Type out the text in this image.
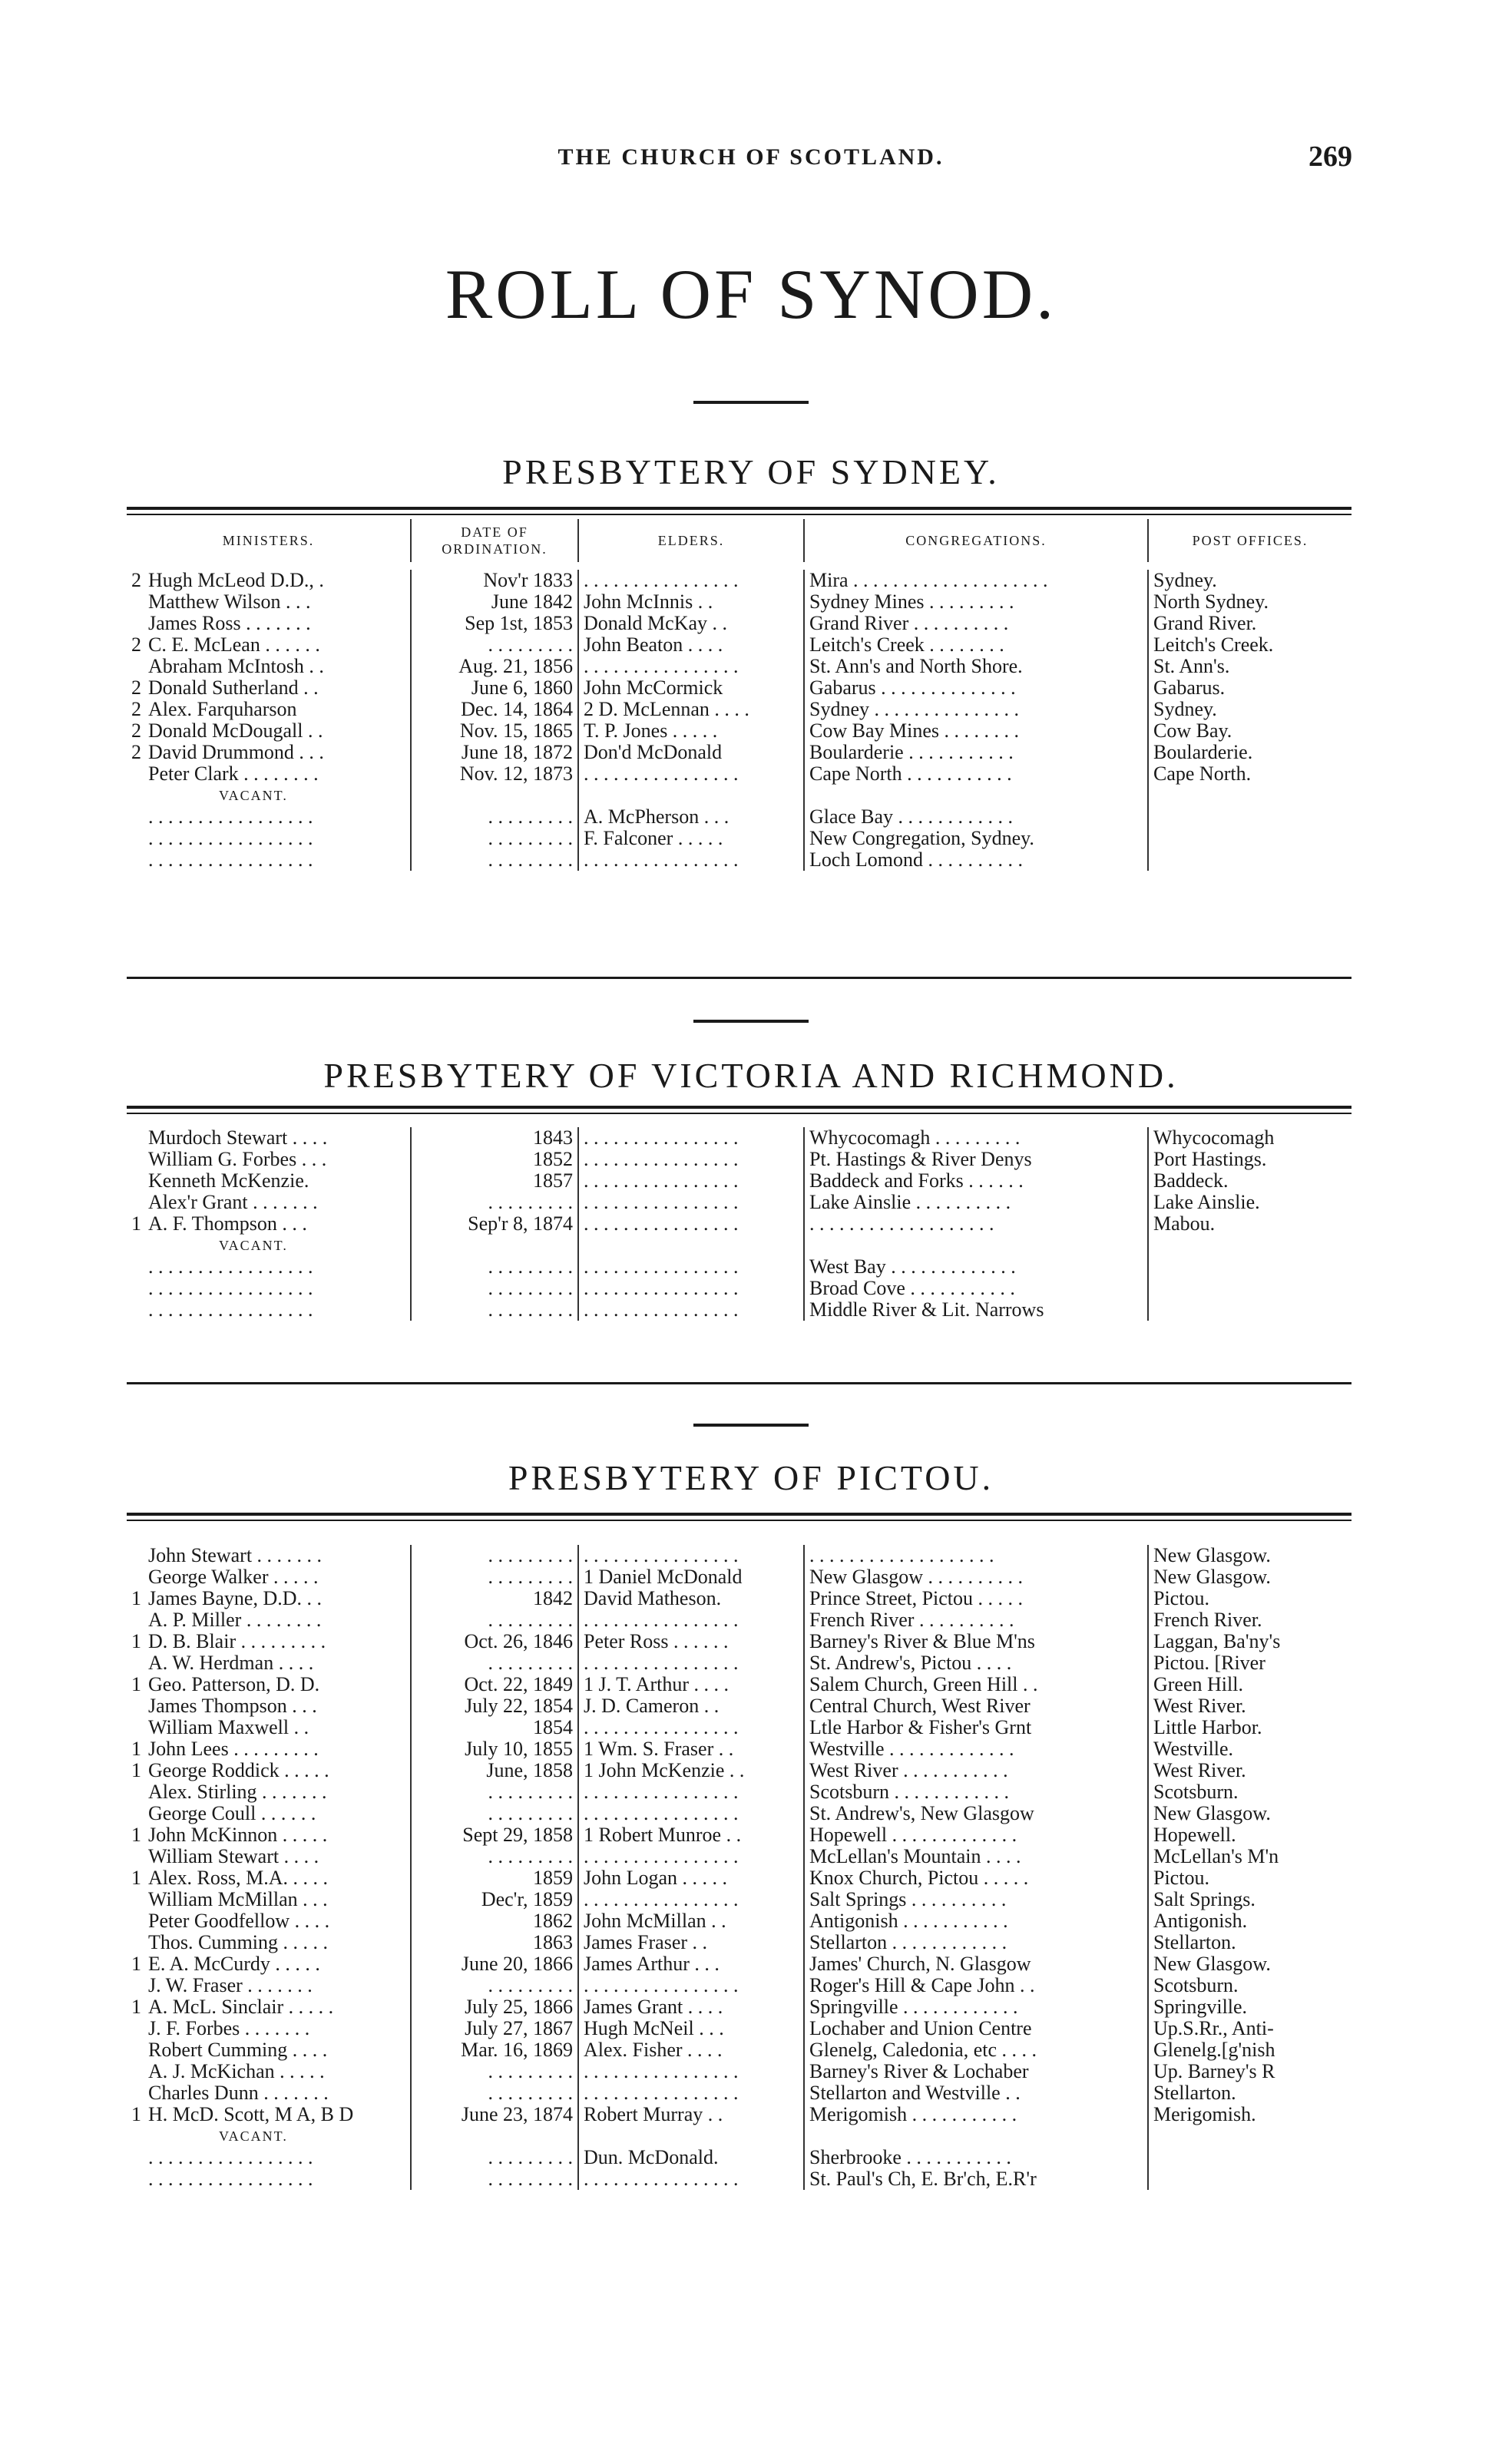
THE CHURCH OF SCOTLAND.	269
ROLL OF SYNOD.
PRESBYTERY OF SYDNEY.
MINISTERS.	DATE OF ORDINATION.	ELDERS.	CONGREGATIONS.	POST OFFICES.
2 Hugh McLeod D.D., .	Nov'r 1833	. . . . . . . . . . . . . . . .	Mira . . . . . . . . . . . . . . . . . . . .	Sydney.
Matthew Wilson . . .	June 1842	John McInnis . .	Sydney Mines . . . . . . . . .	North Sydney.
James Ross . . . . . . .	Sep 1st, 1853	Donald McKay . .	Grand River . . . . . . . . . .	Grand River.
2 C. E. McLean . . . . . .	. . . . . . . . .	John Beaton . . . .	Leitch's Creek . . . . . . . .	Leitch's Creek.
Abraham McIntosh . .	Aug. 21, 1856	. . . . . . . . . . . . . . . .	St. Ann's and North Shore.	St. Ann's.
2 Donald Sutherland . .	June 6, 1860	John McCormick	Gabarus . . . . . . . . . . . . . .	Gabarus.
2 Alex. Farquharson	Dec. 14, 1864	2 D. McLennan . . . .	Sydney . . . . . . . . . . . . . . .	Sydney.
2 Donald McDougall . .	Nov. 15, 1865	T. P. Jones . . . . .	Cow Bay Mines . . . . . . . .	Cow Bay.
2 David Drummond . . .	June 18, 1872	Don'd McDonald	Boularderie . . . . . . . . . . .	Boularderie.
Peter Clark . . . . . . . .	Nov. 12, 1873	. . . . . . . . . . . . . . . .	Cape North . . . . . . . . . . .	Cape North.
VACANT.				
. . . . . . . . . . . . . . . . .	. . . . . . . . .	A. McPherson . . .	Glace Bay . . . . . . . . . . . .	
. . . . . . . . . . . . . . . . .	. . . . . . . . .	F. Falconer . . . . .	New Congregation, Sydney.	
. . . . . . . . . . . . . . . . .	. . . . . . . . .	. . . . . . . . . . . . . . . .	Loch Lomond . . . . . . . . . .	
PRESBYTERY OF VICTORIA AND RICHMOND.
Murdoch Stewart . . . .	1843	. . . . . . . . . . . . . . . .	Whycocomagh . . . . . . . . .	Whycocomagh
William G. Forbes . . .	1852	. . . . . . . . . . . . . . . .	Pt. Hastings & River Denys	Port Hastings.
Kenneth McKenzie.	1857	. . . . . . . . . . . . . . . .	Baddeck and Forks . . . . . .	Baddeck.
Alex'r Grant . . . . . . .	. . . . . . . . .	. . . . . . . . . . . . . . . .	Lake Ainslie . . . . . . . . . .	Lake Ainslie.
1 A. F. Thompson . . .	Sep'r 8, 1874	. . . . . . . . . . . . . . . .	. . . . . . . . . . . . . . . . . . .	Mabou.
VACANT.				
. . . . . . . . . . . . . . . . .	. . . . . . . . .	. . . . . . . . . . . . . . . .	West Bay . . . . . . . . . . . . .	
. . . . . . . . . . . . . . . . .	. . . . . . . . .	. . . . . . . . . . . . . . . .	Broad Cove . . . . . . . . . . .	
. . . . . . . . . . . . . . . . .	. . . . . . . . .	. . . . . . . . . . . . . . . .	Middle River & Lit. Narrows	
PRESBYTERY OF PICTOU.
John Stewart . . . . . . .	. . . . . . . . .	. . . . . . . . . . . . . . . .	. . . . . . . . . . . . . . . . . . .	New Glasgow.
George Walker . . . . .	. . . . . . . . .	1 Daniel McDonald	New Glasgow . . . . . . . . . .	New Glasgow.
1 James Bayne, D.D. . .	1842	David Matheson.	Prince Street, Pictou . . . . .	Pictou.
A. P. Miller . . . . . . . .	. . . . . . . . .	. . . . . . . . . . . . . . . .	French River . . . . . . . . . .	French River.
1 D. B. Blair . . . . . . . . .	Oct. 26, 1846	Peter Ross . . . . . .	Barney's River & Blue M'ns	Laggan, Ba'ny's
A. W. Herdman . . . .	. . . . . . . . .	. . . . . . . . . . . . . . . .	St. Andrew's, Pictou . . . .	Pictou. [River
1 Geo. Patterson, D. D.	Oct. 22, 1849	1 J. T. Arthur . . . .	Salem Church, Green Hill . .	Green Hill.
James Thompson . . .	July 22, 1854	J. D. Cameron . .	Central Church, West River	West River.
William Maxwell . .	1854	. . . . . . . . . . . . . . . .	Ltle Harbor & Fisher's Grnt	Little Harbor.
1 John Lees . . . . . . . . .	July 10, 1855	1 Wm. S. Fraser . .	Westville . . . . . . . . . . . . .	Westville.
1 George Roddick . . . . .	June, 1858	1 John McKenzie . .	West River . . . . . . . . . . .	West River.
Alex. Stirling . . . . . . .	. . . . . . . . .	. . . . . . . . . . . . . . . .	Scotsburn . . . . . . . . . . . .	Scotsburn.
George Coull . . . . . .	. . . . . . . . .	. . . . . . . . . . . . . . . .	St. Andrew's, New Glasgow	New Glasgow.
1 John McKinnon . . . . .	Sept 29, 1858	1 Robert Munroe . .	Hopewell . . . . . . . . . . . . .	Hopewell.
William Stewart . . . .	. . . . . . . . .	. . . . . . . . . . . . . . . .	McLellan's Mountain . . . .	McLellan's M'n
1 Alex. Ross, M.A. . . . .	1859	John Logan . . . . .	Knox Church, Pictou . . . . .	Pictou.
William McMillan . . .	Dec'r, 1859	. . . . . . . . . . . . . . . .	Salt Springs . . . . . . . . . .	Salt Springs.
Peter Goodfellow . . . .	1862	John McMillan . .	Antigonish . . . . . . . . . . .	Antigonish.
Thos. Cumming . . . . .	1863	James Fraser . .	Stellarton . . . . . . . . . . . .	Stellarton.
1 E. A. McCurdy . . . . .	June 20, 1866	James Arthur . . .	James' Church, N. Glasgow	New Glasgow.
J. W. Fraser . . . . . . .	. . . . . . . . .	. . . . . . . . . . . . . . . .	Roger's Hill & Cape John . .	Scotsburn.
1 A. McL. Sinclair . . . . .	July 25, 1866	James Grant . . . .	Springville . . . . . . . . . . . .	Springville.
J. F. Forbes . . . . . . .	July 27, 1867	Hugh McNeil . . .	Lochaber and Union Centre	Up.S.Rr., Anti-
Robert Cumming . . . .	Mar. 16, 1869	Alex. Fisher . . . .	Glenelg, Caledonia, etc . . . .	Glenelg.[g'nish
A. J. McKichan . . . . .	. . . . . . . . .	. . . . . . . . . . . . . . . .	Barney's River & Lochaber	Up. Barney's R
Charles Dunn . . . . . . .	. . . . . . . . .	. . . . . . . . . . . . . . . .	Stellarton and Westville . .	Stellarton.
1 H. McD. Scott, M A, B D	June 23, 1874	Robert Murray . .	Merigomish . . . . . . . . . . .	Merigomish.
VACANT.				
. . . . . . . . . . . . . . . . .	. . . . . . . . .	Dun. McDonald.	Sherbrooke . . . . . . . . . . .	
. . . . . . . . . . . . . . . . .	. . . . . . . . .	. . . . . . . . . . . . . . . .	St. Paul's Ch, E. Br'ch, E.R'r	
